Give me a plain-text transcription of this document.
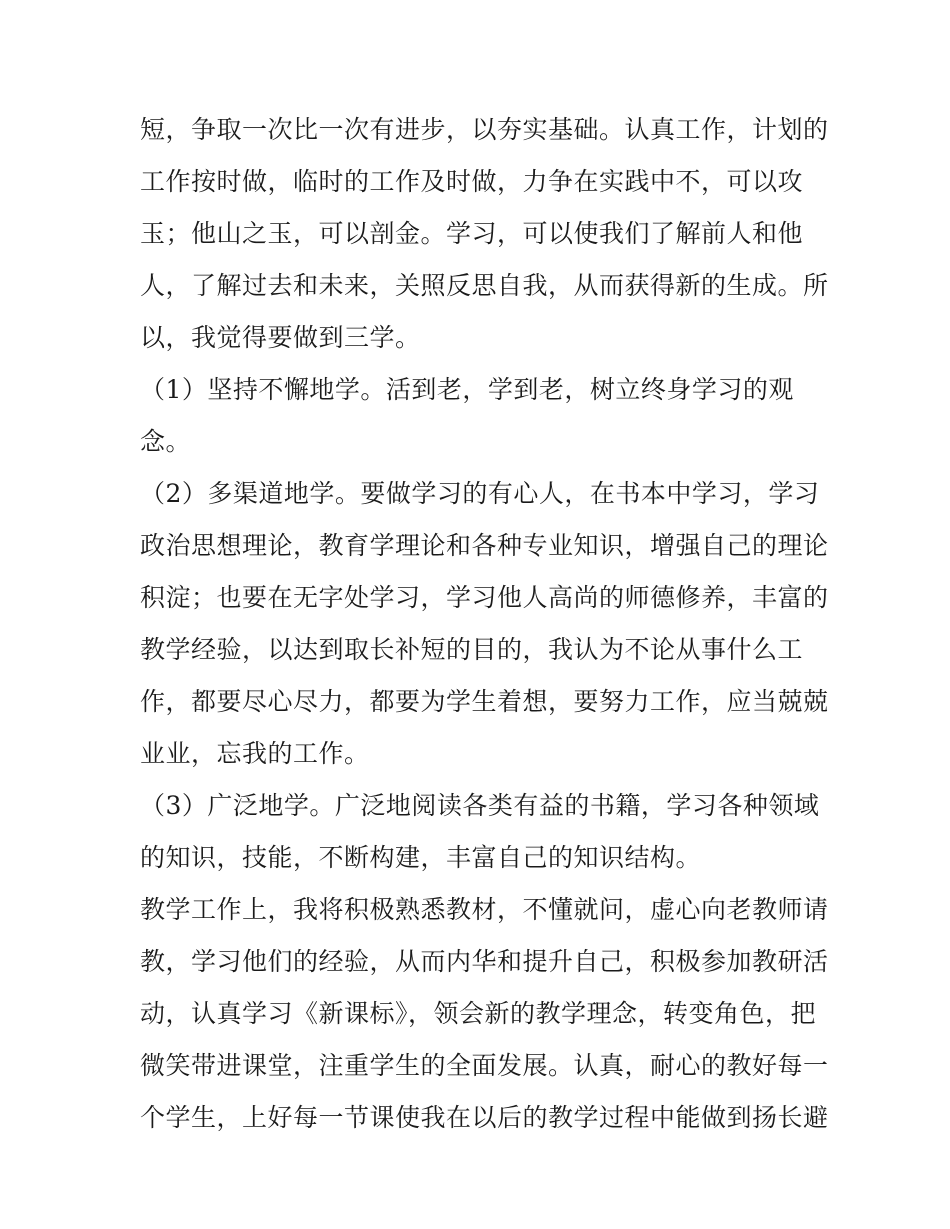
短，争取一次比一次有进步，以夯实基础。认真工作，计划的
工作按时做，临时的工作及时做，力争在实践中不，可以攻
玉；他山之玉，可以剖金。学习，可以使我们了解前人和他
人，了解过去和未来，关照反思自我，从而获得新的生成。所
以，我觉得要做到三学。
（1）坚持不懈地学。活到老，学到老，树立终身学习的观
念。
（2）多渠道地学。要做学习的有心人，在书本中学习，学习
政治思想理论，教育学理论和各种专业知识，增强自己的理论
积淀；也要在无字处学习，学习他人高尚的师德修养，丰富的
教学经验，以达到取长补短的目的，我认为不论从事什么工
作，都要尽心尽力，都要为学生着想，要努力工作，应当兢兢
业业，忘我的工作。
（3）广泛地学。广泛地阅读各类有益的书籍，学习各种领域
的知识，技能，不断构建，丰富自己的知识结构。
教学工作上，我将积极熟悉教材，不懂就问，虚心向老教师请
教，学习他们的经验，从而内华和提升自己，积极参加教研活
动，认真学习《新课标》，领会新的教学理念，转变角色，把
微笑带进课堂，注重学生的全面发展。认真，耐心的教好每一
个学生，上好每一节课使我在以后的教学过程中能做到扬长避
